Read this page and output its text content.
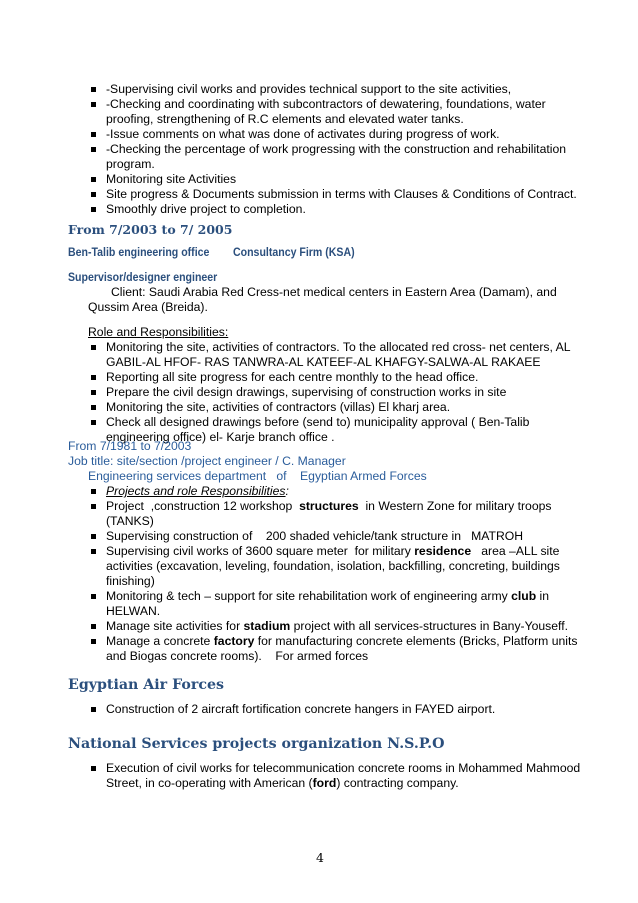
-Supervising civil works and provides technical support to the site activities,
-Checking and coordinating with subcontractors of dewatering, foundations, water
proofing, strengthening of R.C elements and elevated water tanks.
-Issue comments on what was done of activates during progress of work.
-Checking the percentage of work progressing with the construction and rehabilitation
program.
Monitoring site Activities
Site progress & Documents submission in terms with Clauses & Conditions of Contract.
Smoothly drive project to completion.
From 7/2003 to 7/ 2005
Ben-Talib engineering office Consultancy Firm (KSA)
Supervisor/designer engineer
Client: Saudi Arabia Red Cress-net medical centers in Eastern Area (Damam), and
Qussim Area (Breida).
Role and Responsibilities:
Monitoring the site, activities of contractors. To the allocated red cross- net centers, AL
GABIL-AL HFOF- RAS TANWRA-AL KATEEF-AL KHAFGY-SALWA-AL RAKAEE
Reporting all site progress for each centre monthly to the head office.
Prepare the civil design drawings, supervising of construction works in site
Monitoring the site, activities of contractors (villas) El kharj area.
Check all designed drawings before (send to) municipality approval ( Ben-Talib
engineering office) el- Karje branch office .
From 7/1981 to 7/2003
Job title: site/section /project engineer / C. Manager
Engineering services department   of    Egyptian Armed Forces
Projects and role Responsibilities:
Project  ,construction 12 workshop  structures  in Western Zone for military troops
(TANKS)
Supervising construction of    200 shaded vehicle/tank structure in   MATROH
Supervising civil works of 3600 square meter  for military residence   area –ALL site
activities (excavation, leveling, foundation, isolation, backfilling, concreting, buildings
finishing)
Monitoring & tech – support for site rehabilitation work of engineering army club in
HELWAN.
Manage site activities for stadium project with all services-structures in Bany-Youseff.
Manage a concrete factory for manufacturing concrete elements (Bricks, Platform units
and Biogas concrete rooms).    For armed forces
Egyptian Air Forces
Construction of 2 aircraft fortification concrete hangers in FAYED airport.
National Services projects organization N.S.P.O
Execution of civil works for telecommunication concrete rooms in Mohammed Mahmood
Street, in co-operating with American (ford) contracting company.
4
